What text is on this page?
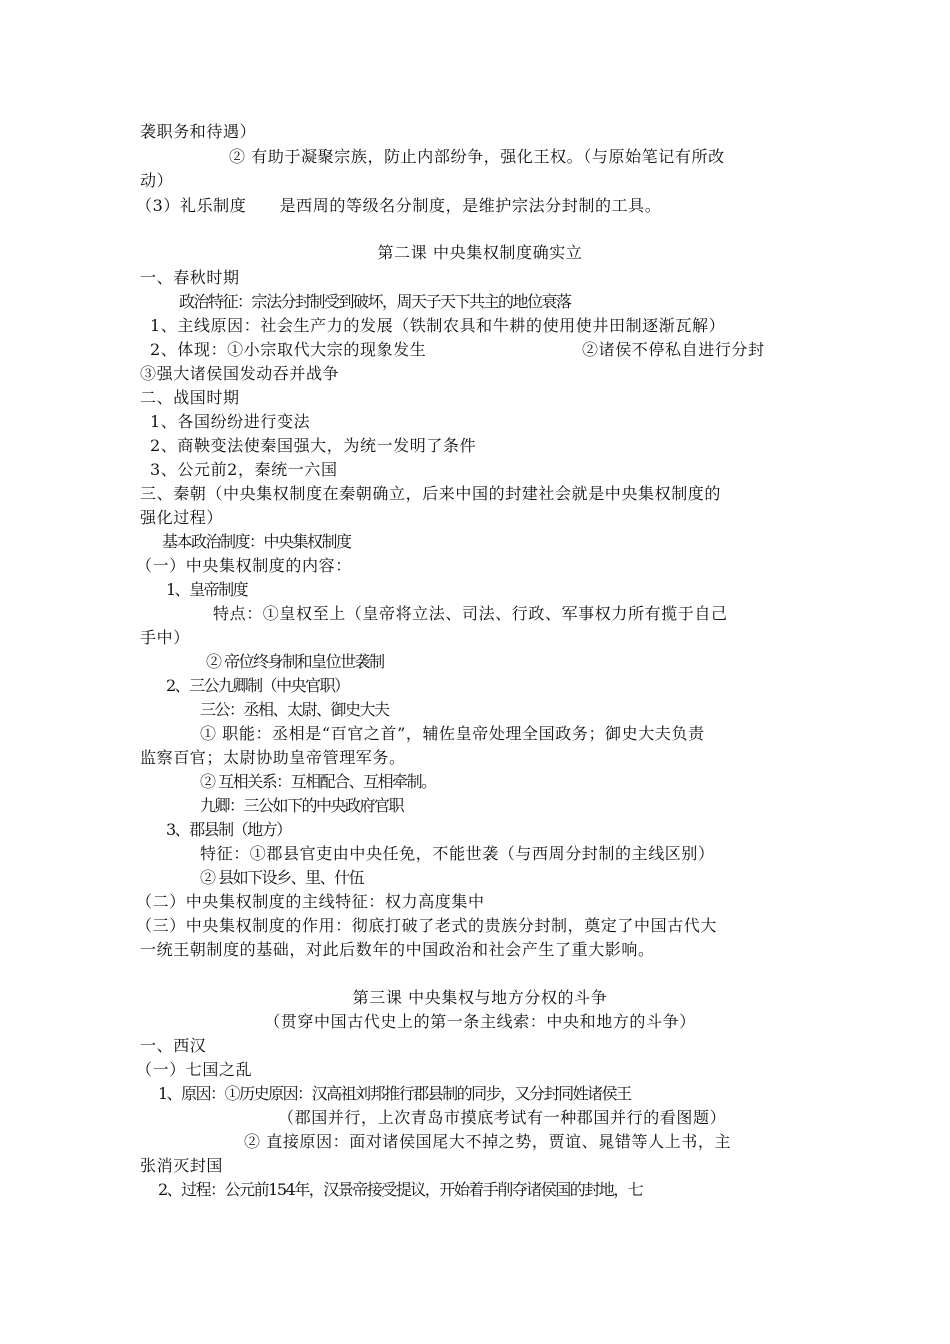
袭职务和待遇）
② 有助于凝聚宗族，防止内部纷争，强化王权。（与原始笔记有所改
动）
（3）礼乐制度　　是西周的等级名分制度，是维护宗法分封制的工具。
第二课 中央集权制度确实立
一、春秋时期
政治特征：宗法分封制受到破坏，周天子天下共主的地位衰落
1、主线原因：社会生产力的发展（铁制农具和牛耕的使用使井田制逐渐瓦解）
2、体现：①小宗取代大宗的现象发生	②诸侯不停私自进行分封
③强大诸侯国发动吞并战争
二、战国时期
1、各国纷纷进行变法
2、商鞅变法使秦国强大，为统一发明了条件
3、公元前2，秦统一六国
三、秦朝（中央集权制度在秦朝确立，后来中国的封建社会就是中央集权制度的
强化过程）
基本政治制度：中央集权制度
（一）中央集权制度的内容：
1、皇帝制度
特点：①皇权至上（皇帝将立法、司法、行政、军事权力所有揽于自己
手中）
② 帝位终身制和皇位世袭制
2、三公九卿制（中央官职）
三公：丞相、太尉、御史大夫
① 职能：丞相是“百官之首”，辅佐皇帝处理全国政务；御史大夫负责
监察百官；太尉协助皇帝管理军务。
② 互相关系：互相配合、互相牵制。
九卿：三公如下的中央政府官职
3、郡县制（地方）
特征：①郡县官吏由中央任免，不能世袭（与西周分封制的主线区别）
② 县如下设乡、里、什伍
（二）中央集权制度的主线特征：权力高度集中
（三）中央集权制度的作用：彻底打破了老式的贵族分封制，奠定了中国古代大
一统王朝制度的基础，对此后数年的中国政治和社会产生了重大影响。
第三课 中央集权与地方分权的斗争
（贯穿中国古代史上的第一条主线索：中央和地方的斗争）
一、西汉
（一）七国之乱
1、原因：①历史原因：汉高祖刘邦推行郡县制的同步，又分封同姓诸侯王
（郡国并行，上次青岛市摸底考试有一种郡国并行的看图题）
② 直接原因：面对诸侯国尾大不掉之势，贾谊、晁错等人上书，主
张消灭封国
2、过程：公元前154年，汉景帝接受提议，开始着手削夺诸侯国的封地，七
